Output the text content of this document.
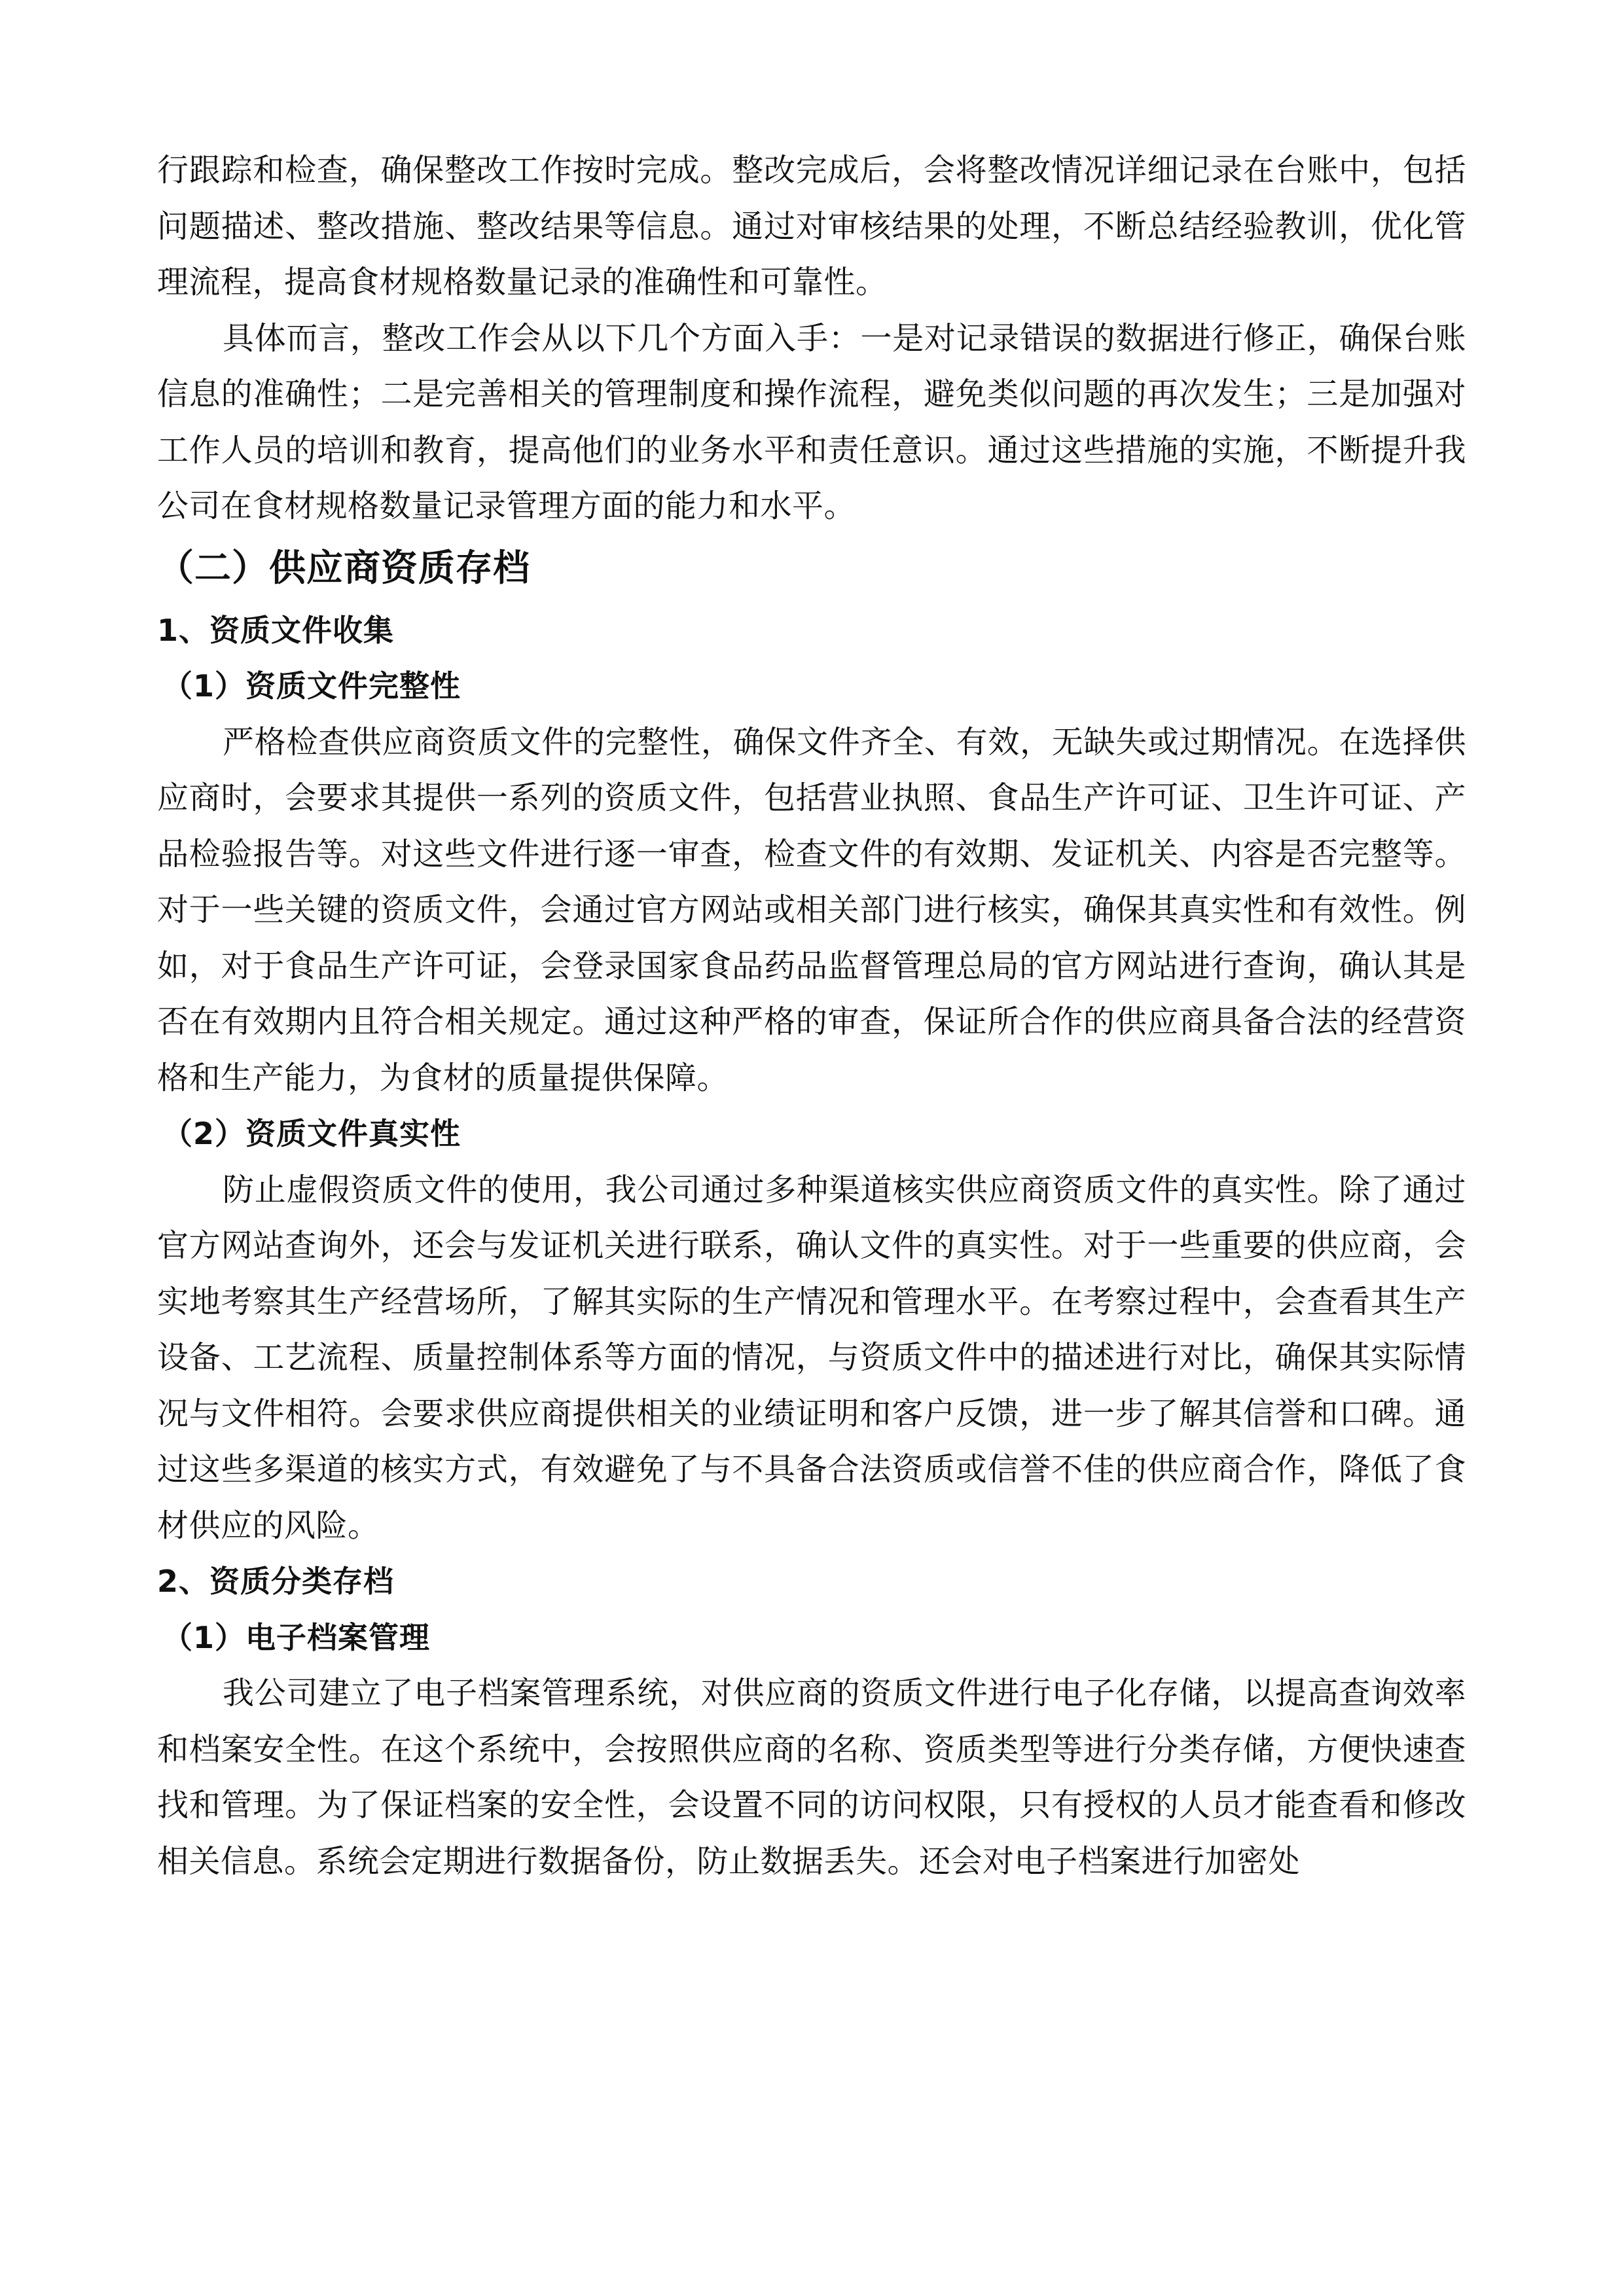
行跟踪和检查，确保整改工作按时完成。整改完成后，会将整改情况详细记录在台账中，包括问题描述、整改措施、整改结果等信息。通过对审核结果的处理，不断总结经验教训，优化管理流程，提高食材规格数量记录的准确性和可靠性。

具体而言，整改工作会从以下几个方面入手：一是对记录错误的数据进行修正，确保台账信息的准确性；二是完善相关的管理制度和操作流程，避免类似问题的再次发生；三是加强对工作人员的培训和教育，提高他们的业务水平和责任意识。通过这些措施的实施，不断提升我公司在食材规格数量记录管理方面的能力和水平。

（二）供应商资质存档
1、资质文件收集
（1）资质文件完整性

严格检查供应商资质文件的完整性，确保文件齐全、有效，无缺失或过期情况。在选择供应商时，会要求其提供一系列的资质文件，包括营业执照、食品生产许可证、卫生许可证、产品检验报告等。对这些文件进行逐一审查，检查文件的有效期、发证机关、内容是否完整等。对于一些关键的资质文件，会通过官方网站或相关部门进行核实，确保其真实性和有效性。例如，对于食品生产许可证，会登录国家食品药品监督管理总局的官方网站进行查询，确认其是否在有效期内且符合相关规定。通过这种严格的审查，保证所合作的供应商具备合法的经营资格和生产能力，为食材的质量提供保障。

（2）资质文件真实性

防止虚假资质文件的使用，我公司通过多种渠道核实供应商资质文件的真实性。除了通过官方网站查询外，还会与发证机关进行联系，确认文件的真实性。对于一些重要的供应商，会实地考察其生产经营场所，了解其实际的生产情况和管理水平。在考察过程中，会查看其生产设备、工艺流程、质量控制体系等方面的情况，与资质文件中的描述进行对比，确保其实际情况与文件相符。会要求供应商提供相关的业绩证明和客户反馈，进一步了解其信誉和口碑。通过这些多渠道的核实方式，有效避免了与不具备合法资质或信誉不佳的供应商合作，降低了食材供应的风险。

2、资质分类存档
（1）电子档案管理

我公司建立了电子档案管理系统，对供应商的资质文件进行电子化存储，以提高查询效率和档案安全性。在这个系统中，会按照供应商的名称、资质类型等进行分类存储，方便快速查找和管理。为了保证档案的安全性，会设置不同的访问权限，只有授权的人员才能查看和修改相关信息。系统会定期进行数据备份，防止数据丢失。还会对电子档案进行加密处
